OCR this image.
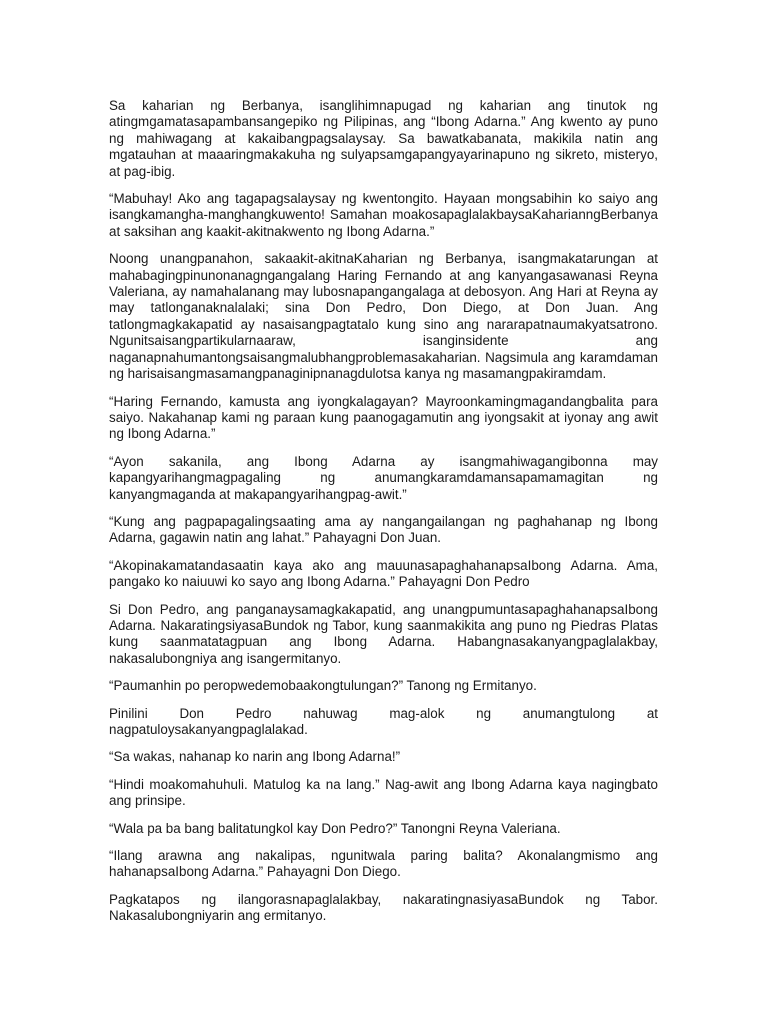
Sa kaharian ng Berbanya, isanglihimnapugad ng kaharian ang tinutok ng atingmgamatasapambansangepiko ng Pilipinas, ang “Ibong Adarna.” Ang kwento ay puno ng mahiwagang at kakaibangpagsalaysay. Sa bawatkabanata, makikila natin ang mgatauhan at maaaringmakakuha ng sulyapsamgapangyayarinapuno ng sikreto, misteryo, at pag-ibig.

“Mabuhay! Ako ang tagapagsalaysay ng kwentongito. Hayaan mongsabihin ko saiyo ang isangkamangha-manghangkuwento! Samahan moakosapaglalakbaysaKaharianngBerbanya at saksihan ang kaakit-akitnakwento ng Ibong Adarna.”

Noong unangpanahon, sakaakit-akitnaKaharian ng Berbanya, isangmakatarungan at mahabagingpinunonanagngangalang Haring Fernando at ang kanyangasawanasi Reyna Valeriana, ay namahalanang may lubosnapangangalaga at debosyon. Ang Hari at Reyna ay may tatlonganaknalalaki; sina Don Pedro, Don Diego, at Don Juan. Ang tatlongmagkakapatid ay nasaisangpagtatalo kung sino ang nararapatnaumakyatsatrono. Ngunitsaisangpartikularnaaraw, isanginsidente ang naganapnahumantongsaisangmalubhangproblemasakaharian. Nagsimula ang karamdaman ng harisaisangmasamangpanaginipnanagdulotsa kanya ng masamangpakiramdam.

“Haring Fernando, kamusta ang iyongkalagayan? Mayroonkamingmagandangbalita para saiyo. Nakahanap kami ng paraan kung paanogagamutin ang iyongsakit at iyonay ang awit ng Ibong Adarna.”

“Ayon sakanila, ang Ibong Adarna ay isangmahiwagangibonna may kapangyarihangmagpagaling ng anumangkaramdamansapamamagitan ng kanyangmaganda at makapangyarihangpag-awit.”

“Kung ang pagpapagalingsaating ama ay nangangailangan ng paghahanap ng Ibong Adarna, gagawin natin ang lahat.” Pahayagni Don Juan.

“Akopinakamatandasaatin kaya ako ang mauunasapaghahanapsaIbong Adarna. Ama, pangako ko naiuuwi ko sayo ang Ibong Adarna.” Pahayagni Don Pedro

Si Don Pedro, ang panganaysamagkakapatid, ang unangpumuntasapaghahanapsaIbong Adarna. NakaratingsiyasaBundok ng Tabor, kung saanmakikita ang puno ng Piedras Platas kung saanmatatagpuan ang Ibong Adarna. Habangnasakanyangpaglalakbay, nakasalubongniya ang isangermitanyo.

“Paumanhin po peropwedemobaakongtulungan?” Tanong ng Ermitanyo.

Pinilini Don Pedro nahuwag mag-alok ng anumangtulong at nagpatuloysakanyangpaglalakad.

“Sa wakas, nahanap ko narin ang Ibong Adarna!”

“Hindi moakomahuhuli. Matulog ka na lang.” Nag-awit ang Ibong Adarna kaya nagingbato ang prinsipe.

“Wala pa ba bang balitatungkol kay Don Pedro?” Tanongni Reyna Valeriana.

“Ilang arawna ang nakalipas, ngunitwala paring balita? Akonalangmismo ang hahanapsaIbong Adarna.” Pahayagni Don Diego.

Pagkatapos ng ilangorasnapaglalakbay, nakaratingnasiyasaBundok ng Tabor. Nakasalubongniyarin ang ermitanyo.
